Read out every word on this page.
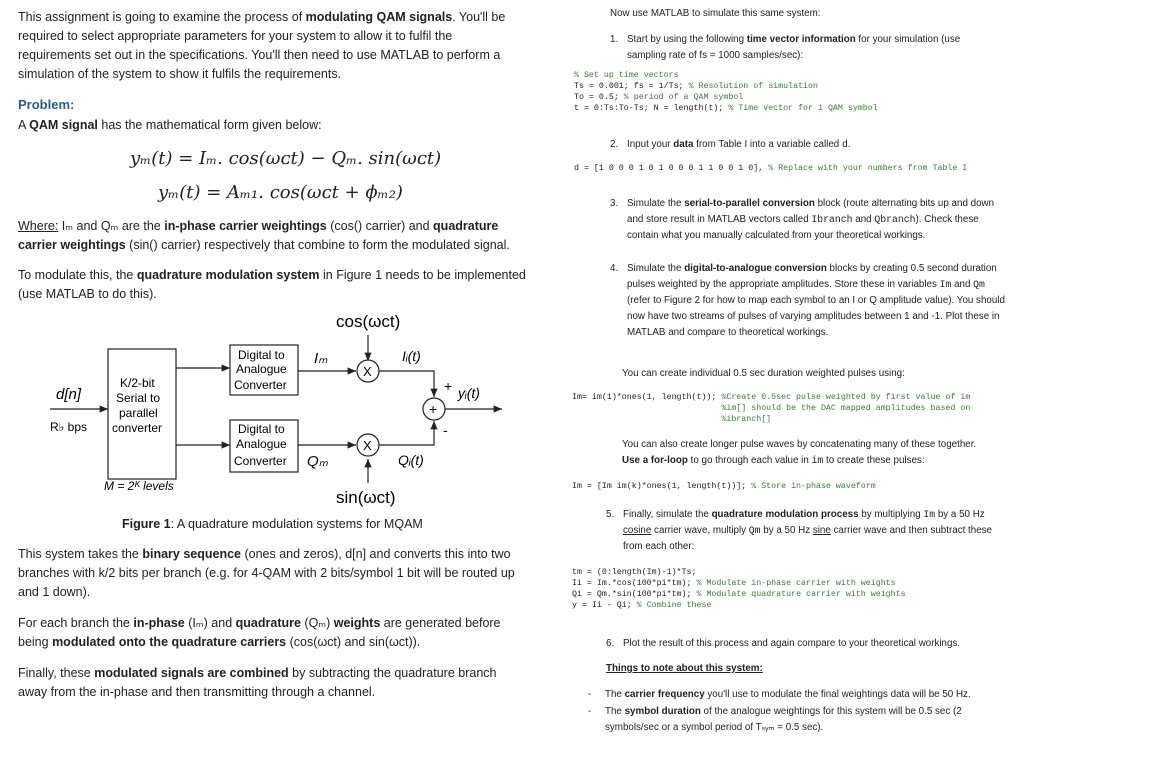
This assignment is going to examine the process of modulating QAM signals. You'll be required to select appropriate parameters for your system to allow it to fulfil the requirements set out in the specifications. You'll then need to use MATLAB to perform a simulation of the system to show it fulfils the requirements.

Problem:

A QAM signal has the mathematical form given below:

yₘ(t) = Iₘ. cos(ωᴄt) − Qₘ. sin(ωᴄt)
yₘ(t) = Aₘ₁. cos(ωᴄt + ϕₘ₂)

Where: Iₘ and Qₘ are the in-phase carrier weightings (cos() carrier) and quadrature carrier weightings (sin() carrier) respectively that combine to form the modulated signal.

To modulate this, the quadrature modulation system in Figure 1 needs to be implemented (use MATLAB to do this).

cos(ωᴄt)
d[n]
R♭ bps
K/2-bit
Serial to
parallel
converter
M = 2ᴷ levels
Digital to
Analogue
Converter
Iₘ
X
Iᵢ(t)
+
+
yᵢ(t)
Digital to
Analogue
Converter Qₘ
X
Qᵢ(t)
-
sin(ωᴄt)

Figure 1: A quadrature modulation systems for MQAM

This system takes the binary sequence (ones and zeros), d[n] and converts this into two branches with k/2 bits per branch (e.g. for 4-QAM with 2 bits/symbol 1 bit will be routed up and 1 down).

For each branch the in-phase (Iₘ) and quadrature (Qₘ) weights are generated before being modulated onto the quadrature carriers (cos(ωᴄt) and sin(ωᴄt)).

Finally, these modulated signals are combined by subtracting the quadrature branch away from the in-phase and then transmitting through a channel.

Now use MATLAB to simulate this same system:

1. Start by using the following time vector information for your simulation (use sampling rate of fs = 1000 samples/sec):

% Set up time vectors

Ts = 0.001; fs = 1/Ts; % Resolution of simulation

To = 0.5; % period of a QAM symbol

t = 0:Ts:To-Ts; N = length(t); % Time vector for 1 QAM symbol

2. Input your data from Table I into a variable called d.

d = [1 0 0 0 1 0 1 0 0 0 1 1 0 0 1 0], % Replace with your numbers from Table I

3. Simulate the serial-to-parallel conversion block (route alternating bits up and down and store result in MATLAB vectors called Ibranch and Qbranch). Check these contain what you manually calculated from your theoretical workings.
4. Simulate the digital-to-analogue conversion blocks by creating 0.5 second duration pulses weighted by the appropriate amplitudes. Store these in variables Im and Qm (refer to Figure 2 for how to map each symbol to an I or Q amplitude value). You should now have two streams of pulses of varying amplitudes between 1 and -1. Plot these in MATLAB and compare to theoretical workings.

You can create individual 0.5 sec duration weighted pulses using:

Im= im(1)*ones(1, length(t)); %Create 0.5sec pulse weighted by first value of im

%im[] should be the DAC mapped amplitudes based on

%ibranch[]

You can also create longer pulse waves by concatenating many of these together.

Use a for-loop to go through each value in im to create these pulses:

Im = [Im im(k)*ones(1, length(t))]; % Store in-phase waveform

5. Finally, simulate the quadrature modulation process by multiplying Im by a 50 Hz cosine carrier wave, multiply Qm by a 50 Hz sine carrier wave and then subtract these from each other:

tm = (0:length(Im)-1)*Ts;

Ii = Im.*cos(100*pi*tm); % Modulate in-phase carrier with weights

Qi = Qm.*sin(100*pi*tm); % Modulate quadrature carrier with weights

y = Ii - Qi; % Combine these

6. Plot the result of this process and again compare to your theoretical workings.

Things to note about this system:

- The carrier frequency you'll use to modulate the final weightings data will be 50 Hz.
- The symbol duration of the analogue weightings for this system will be 0.5 sec (2 symbols/sec or a symbol period of Tₛᵧₘ = 0.5 sec).
